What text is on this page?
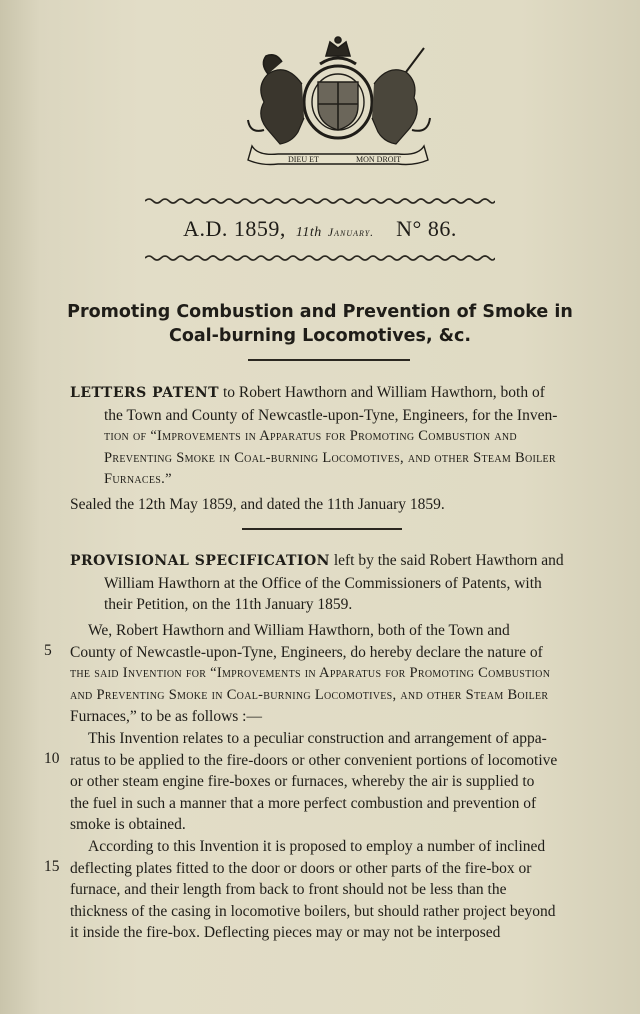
DIEU ET	MON DROIT
A.D. 1859, 11th January. N° 86.
Promoting Combustion and Prevention of Smoke in
Coal-burning Locomotives, &c.
LETTERS PATENT to Robert Hawthorn and William Hawthorn, both of
the Town and County of Newcastle-upon-Tyne, Engineers, for the Inven-
tion of “Improvements in Apparatus for Promoting Combustion and
Preventing Smoke in Coal-burning Locomotives, and other Steam Boiler
Furnaces.”
Sealed the 12th May 1859, and dated the 11th January 1859.
PROVISIONAL SPECIFICATION left by the said Robert Hawthorn and
William Hawthorn at the Office of the Commissioners of Patents, with
their Petition, on the 11th January 1859.
We, Robert Hawthorn and William Hawthorn, both of the Town and
County of Newcastle-upon-Tyne, Engineers, do hereby declare the nature of
the said Invention for “Improvements in Apparatus for Promoting Combustion
and Preventing Smoke in Coal-burning Locomotives, and other Steam Boiler
Furnaces,” to be as follows :—
This Invention relates to a peculiar construction and arrangement of appa-
ratus to be applied to the fire-doors or other convenient portions of locomotive
or other steam engine fire-boxes or furnaces, whereby the air is supplied to
the fuel in such a manner that a more perfect combustion and prevention of
smoke is obtained.
According to this Invention it is proposed to employ a number of inclined
deflecting plates fitted to the door or doors or other parts of the fire-box or
furnace, and their length from back to front should not be less than the
thickness of the casing in locomotive boilers, but should rather project beyond
it inside the fire-box. Deflecting pieces may or may not be interposed
5
10
15
